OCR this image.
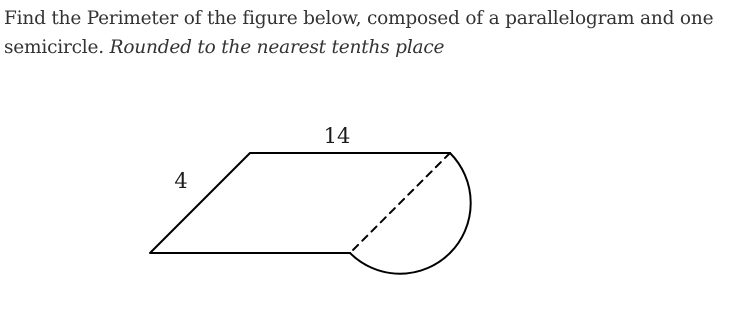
Find the Perimeter of the figure below, composed of a parallelogram and one semicircle. Rounded to the nearest tenths place

14
4
